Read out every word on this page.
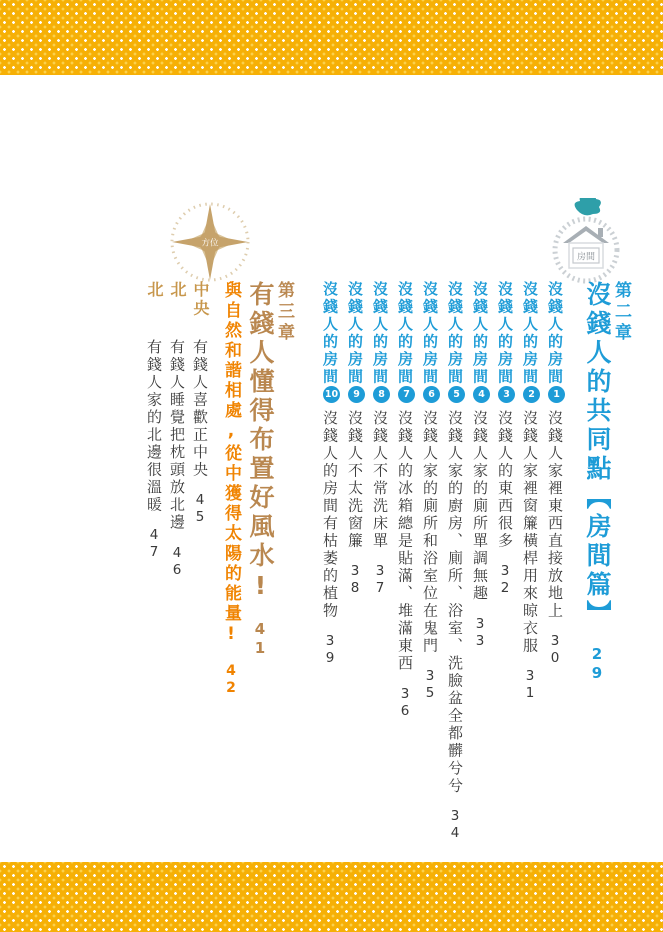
房間
方位
第二章
沒錢人的共同點【房間篇】29
沒錢人的房間1沒錢人家裡東西直接放地上30
沒錢人的房間2沒錢人家裡窗簾橫桿用來晾衣服31
沒錢人的房間3沒錢人的東西很多32
沒錢人的房間4沒錢人家的廁所單調無趣33
沒錢人的房間5沒錢人家的廚房、廁所、浴室、洗臉盆全都髒兮兮34
沒錢人的房間6沒錢人家的廁所和浴室位在鬼門35
沒錢人的房間7沒錢人的冰箱總是貼滿、堆滿東西36
沒錢人的房間8沒錢人不常洗床單37
沒錢人的房間9沒錢人不太洗窗簾38
沒錢人的房間10沒錢人的房間有枯萎的植物39
第三章
有錢人懂得布置好風水!41
與自然和諧相處,從中獲得太陽的能量!42
中央有錢人喜歡正中央45
北有錢人睡覺把枕頭放北邊46
北有錢人家的北邊很溫暖47
